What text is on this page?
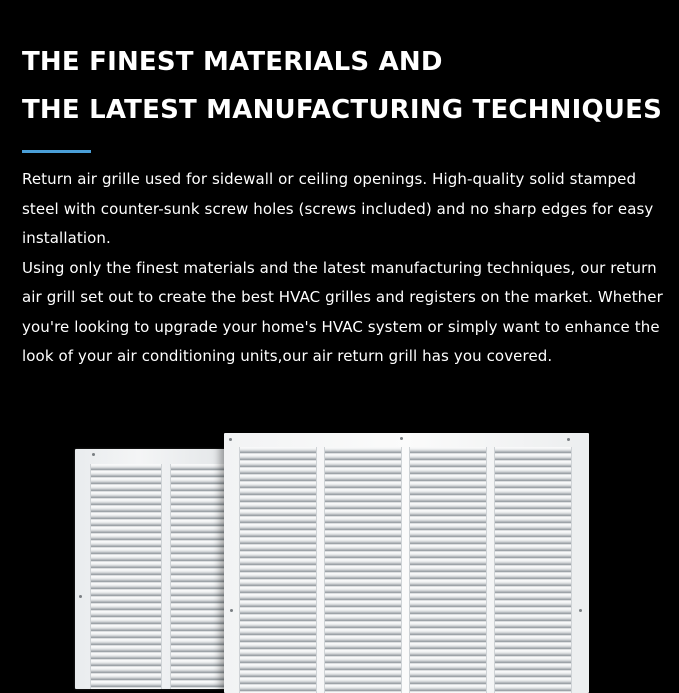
THE FINEST MATERIALS AND
THE LATEST MANUFACTURING TECHNIQUES

Return air grille used for sidewall or ceiling openings. High-quality solid stamped steel with counter-sunk screw holes (screws included) and no sharp edges for easy installation.

Using only the finest materials and the latest manufacturing techniques, our return air grill set out to create the best HVAC grilles and registers on the market. Whether you're looking to upgrade your home's HVAC system or simply want to enhance the look of your air conditioning units,our air return grill has you covered.
